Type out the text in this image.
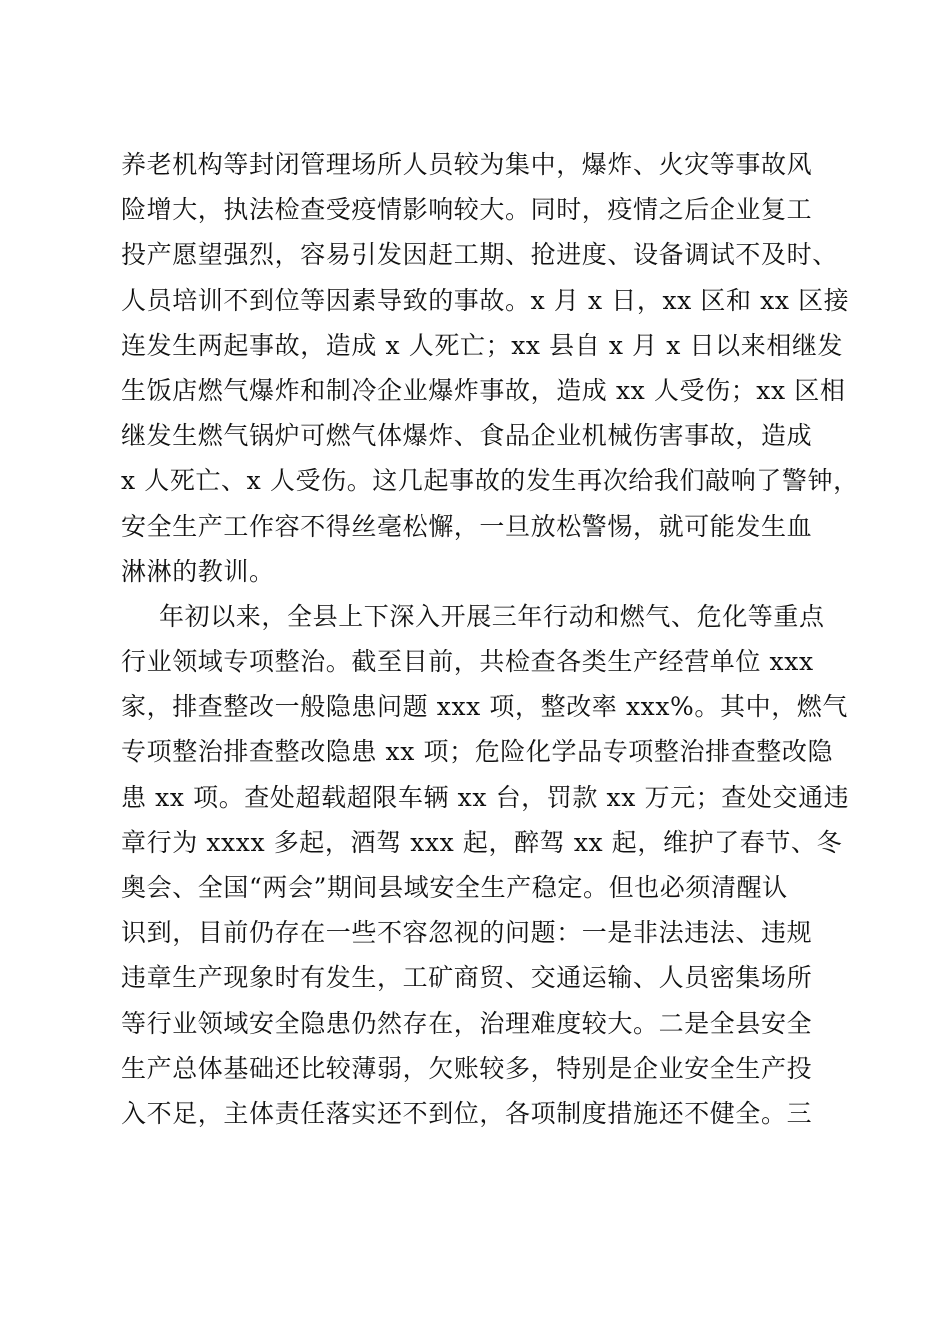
养老机构等封闭管理场所人员较为集中，爆炸、火灾等事故风
险增大，执法检查受疫情影响较大。同时，疫情之后企业复工
投产愿望强烈，容易引发因赶工期、抢进度、设备调试不及时、
人员培训不到位等因素导致的事故。x 月 x 日，xx 区和 xx 区接
连发生两起事故，造成 x 人死亡；xx 县自 x 月 x 日以来相继发
生饭店燃气爆炸和制冷企业爆炸事故，造成 xx 人受伤；xx 区相
继发生燃气锅炉可燃气体爆炸、食品企业机械伤害事故，造成
x 人死亡、x 人受伤。这几起事故的发生再次给我们敲响了警钟，
安全生产工作容不得丝毫松懈，一旦放松警惕，就可能发生血
淋淋的教训。
年初以来，全县上下深入开展三年行动和燃气、危化等重点
行业领域专项整治。截至目前，共检查各类生产经营单位 xxx
家，排查整改一般隐患问题 xxx 项，整改率 xxx%。其中，燃气
专项整治排查整改隐患 xx 项；危险化学品专项整治排查整改隐
患 xx 项。查处超载超限车辆 xx 台，罚款 xx 万元；查处交通违
章行为 xxxx 多起，酒驾 xxx 起，醉驾 xx 起，维护了春节、冬
奥会、全国“两会”期间县域安全生产稳定。但也必须清醒认
识到，目前仍存在一些不容忽视的问题：一是非法违法、违规
违章生产现象时有发生，工矿商贸、交通运输、人员密集场所
等行业领域安全隐患仍然存在，治理难度较大。二是全县安全
生产总体基础还比较薄弱，欠账较多，特别是企业安全生产投
入不足，主体责任落实还不到位，各项制度措施还不健全。三
